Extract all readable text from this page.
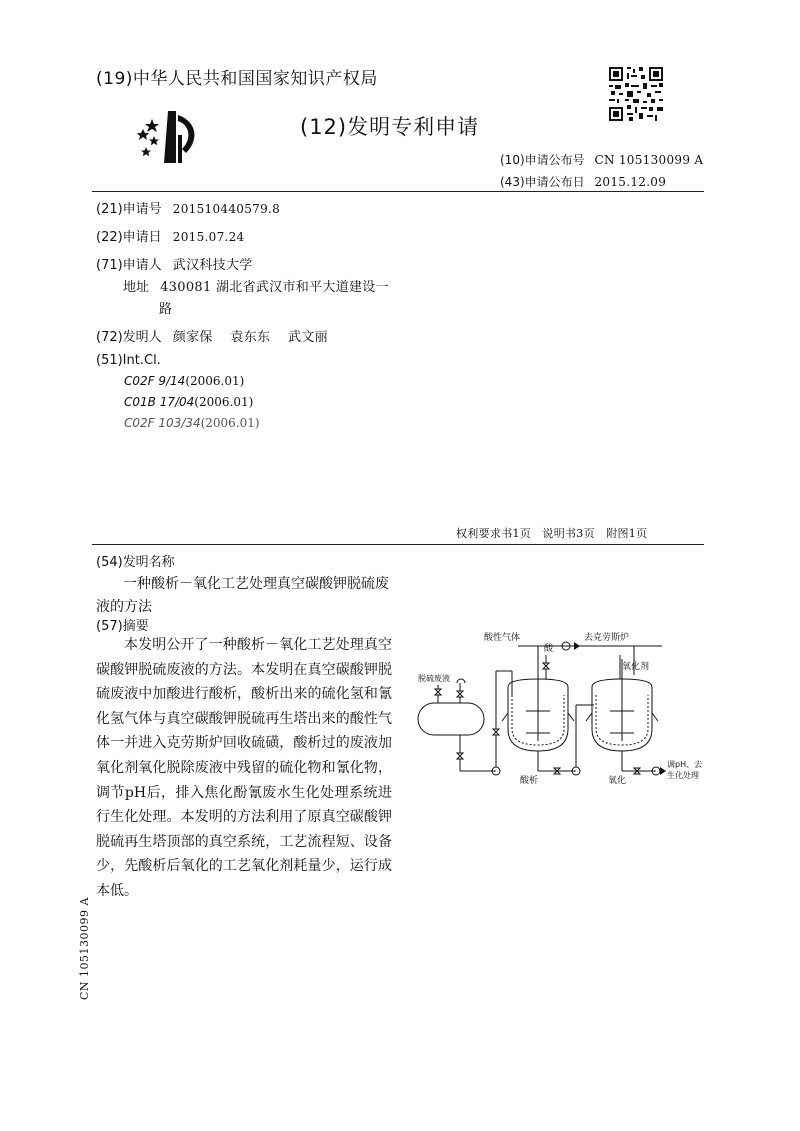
(19)中华人民共和国国家知识产权局
(12)发明专利申请
(10)申请公布号 CN 105130099 A
(43)申请公布日 2015.12.09
(21)申请号 201510440579.8
(22)申请日 2015.07.24
(71)申请人 武汉科技大学
地址 430081 湖北省武汉市和平大道建设一
路
(72)发明人 颜家保　 袁东东　 武文丽
(51)Int.Cl.
C02F 9/14(2006.01)
C01B 17/04(2006.01)
C02F 103/34(2006.01)
权利要求书1页　说明书3页　附图1页
(54)发明名称
一种酸析－氧化工艺处理真空碳酸钾脱硫废
液的方法
(57)摘要

本发明公开了一种酸析－氧化工艺处理真空碳酸钾脱硫废液的方法。本发明在真空碳酸钾脱硫废液中加酸进行酸析，酸析出来的硫化氢和氰化氢气体与真空碳酸钾脱硫再生塔出来的酸性气体一并进入克劳斯炉回收硫磺，酸析过的废液加氧化剂氧化脱除废液中残留的硫化物和氰化物，调节pH后，排入焦化酚氰废水生化处理系统进行生化处理。本发明的方法利用了原真空碳酸钾脱硫再生塔顶部的真空系统，工艺流程短、设备少，先酸析后氧化的工艺氧化剂耗量少，运行成本低。

酸性气体	去克劳斯炉
脱硫废液
酸
酸析
氧化剂
氧化
调pH、去
生化处理
CN 105130099 A
